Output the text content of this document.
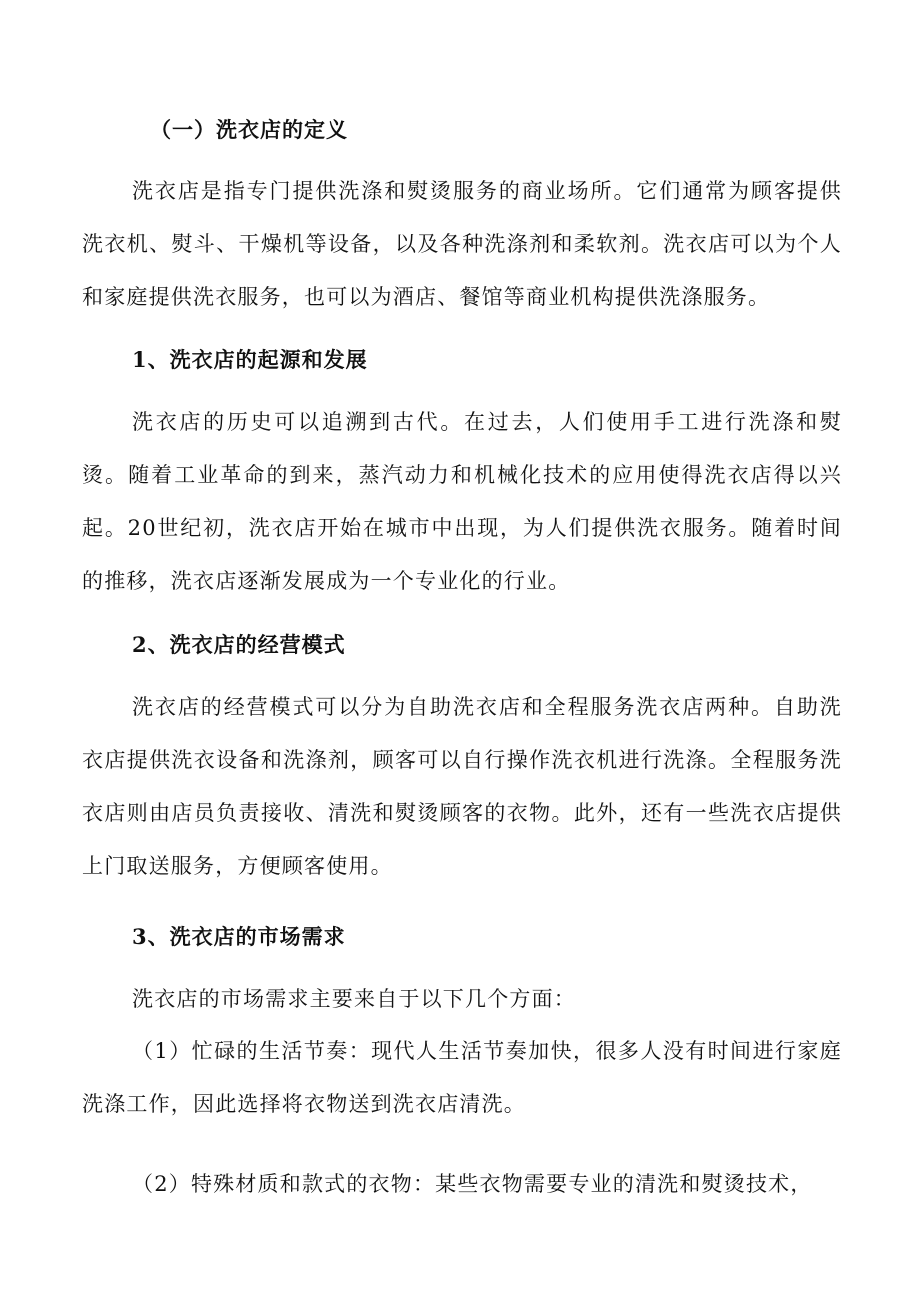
（一）洗衣店的定义

洗衣店是指专门提供洗涤和熨烫服务的商业场所。它们通常为顾客提供洗衣机、熨斗、干燥机等设备，以及各种洗涤剂和柔软剂。洗衣店可以为个人和家庭提供洗衣服务，也可以为酒店、餐馆等商业机构提供洗涤服务。

1、洗衣店的起源和发展

洗衣店的历史可以追溯到古代。在过去，人们使用手工进行洗涤和熨烫。随着工业革命的到来，蒸汽动力和机械化技术的应用使得洗衣店得以兴起。20世纪初，洗衣店开始在城市中出现，为人们提供洗衣服务。随着时间的推移，洗衣店逐渐发展成为一个专业化的行业。

2、洗衣店的经营模式

洗衣店的经营模式可以分为自助洗衣店和全程服务洗衣店两种。自助洗衣店提供洗衣设备和洗涤剂，顾客可以自行操作洗衣机进行洗涤。全程服务洗衣店则由店员负责接收、清洗和熨烫顾客的衣物。此外，还有一些洗衣店提供上门取送服务，方便顾客使用。

3、洗衣店的市场需求

洗衣店的市场需求主要来自于以下几个方面：

（1）忙碌的生活节奏：现代人生活节奏加快，很多人没有时间进行家庭洗涤工作，因此选择将衣物送到洗衣店清洗。

（2）特殊材质和款式的衣物：某些衣物需要专业的清洗和熨烫技术，
